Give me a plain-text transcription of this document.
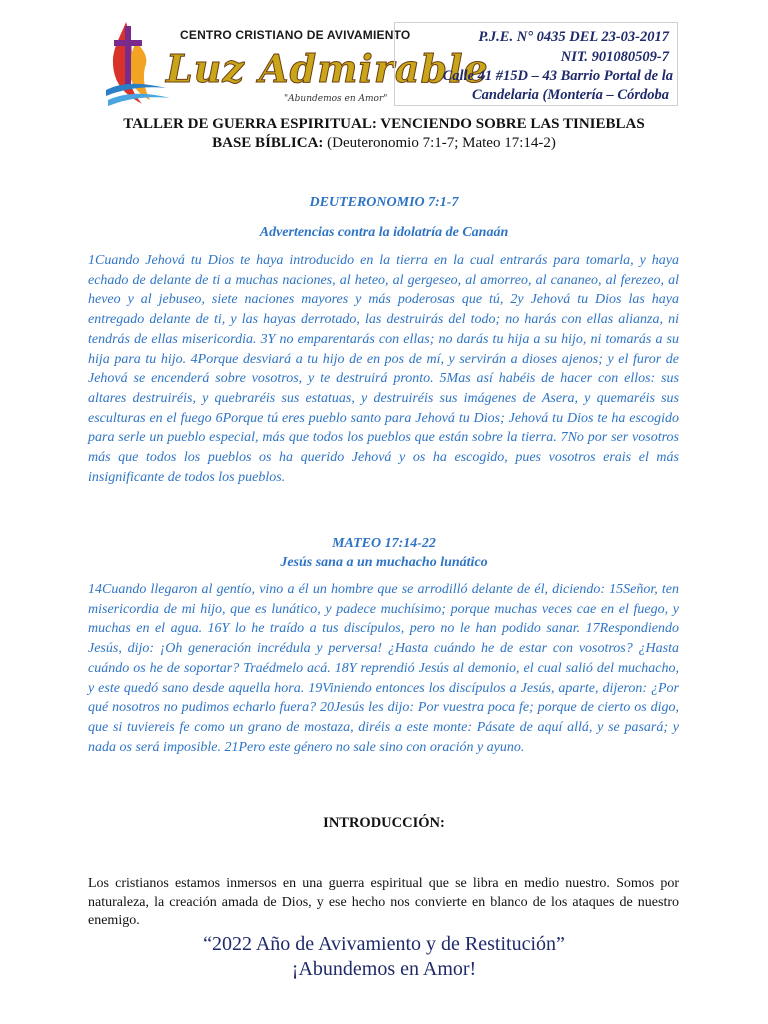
CENTRO CRISTIANO DE AVIVAMIENTO
Luz Admirable
"Abundemos en Amor"
P.J.E. N° 0435 DEL 23-03-2017
NIT. 901080509-7
Calle 41 #15D – 43 Barrio Portal de la
Candelaria (Montería – Córdoba
TALLER DE GUERRA ESPIRITUAL: VENCIENDO SOBRE LAS TINIEBLAS
BASE BÍBLICA: (Deuteronomio 7:1-7; Mateo 17:14-2)
DEUTERONOMIO 7:1-7
Advertencias contra la idolatría de Canaán

1Cuando Jehová tu Dios te haya introducido en la tierra en la cual entrarás para tomarla, y haya echado de delante de ti a muchas naciones, al heteo, al gergeseo, al amorreo, al cananeo, al ferezeo, al heveo y al jebuseo, siete naciones mayores y más poderosas que tú, 2y Jehová tu Dios las haya entregado delante de ti, y las hayas derrotado, las destruirás del todo; no harás con ellas alianza, ni tendrás de ellas misericordia. 3Y no emparentarás con ellas; no darás tu hija a su hijo, ni tomarás a su hija para tu hijo. 4Porque desviará a tu hijo de en pos de mí, y servirán a dioses ajenos; y el furor de Jehová se encenderá sobre vosotros, y te destruirá pronto. 5Mas así habéis de hacer con ellos: sus altares destruiréis, y quebraréis sus estatuas, y destruiréis sus imágenes de Asera, y quemaréis sus esculturas en el fuego 6Porque tú eres pueblo santo para Jehová tu Dios; Jehová tu Dios te ha escogido para serle un pueblo especial, más que todos los pueblos que están sobre la tierra. 7No por ser vosotros más que todos los pueblos os ha querido Jehová y os ha escogido, pues vosotros erais el más insignificante de todos los pueblos.

MATEO 17:14-22
Jesús sana a un muchacho lunático

14Cuando llegaron al gentío, vino a él un hombre que se arrodilló delante de él, diciendo: 15Señor, ten misericordia de mi hijo, que es lunático, y padece muchísimo; porque muchas veces cae en el fuego, y muchas en el agua. 16Y lo he traído a tus discípulos, pero no le han podido sanar. 17Respondiendo Jesús, dijo: ¡Oh generación incrédula y perversa! ¿Hasta cuándo he de estar con vosotros? ¿Hasta cuándo os he de soportar? Traédmelo acá. 18Y reprendió Jesús al demonio, el cual salió del muchacho, y este quedó sano desde aquella hora. 19Viniendo entonces los discípulos a Jesús, aparte, dijeron: ¿Por qué nosotros no pudimos echarlo fuera? 20Jesús les dijo: Por vuestra poca fe; porque de cierto os digo, que si tuviereis fe como un grano de mostaza, diréis a este monte: Pásate de aquí allá, y se pasará; y nada os será imposible. 21Pero este género no sale sino con oración y ayuno.

INTRODUCCIÓN:

Los cristianos estamos inmersos en una guerra espiritual que se libra en medio nuestro. Somos por naturaleza, la creación amada de Dios, y ese hecho nos convierte en blanco de los ataques de nuestro enemigo.

“2022 Año de Avivamiento y de Restitución”
¡Abundemos en Amor!
